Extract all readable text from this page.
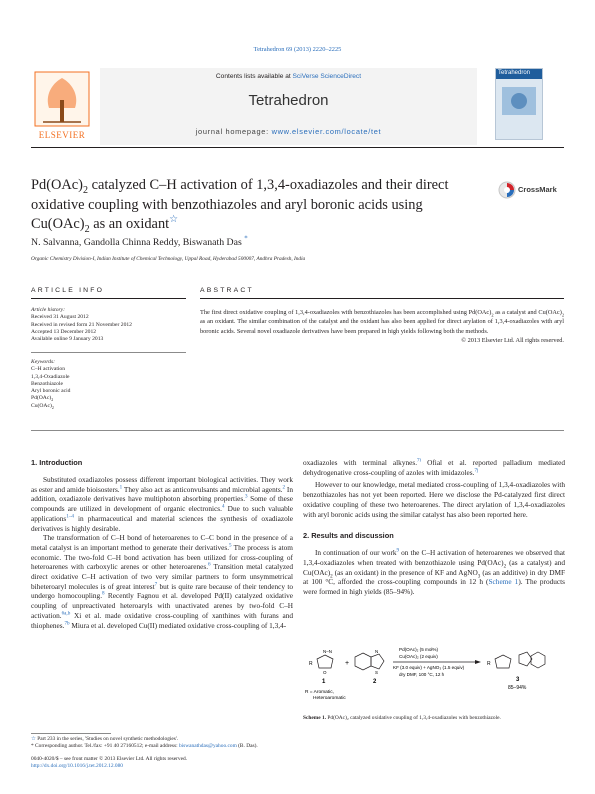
Tetrahedron 69 (2013) 2220–2225
ELSEVIER
Contents lists available at SciVerse ScienceDirect
Tetrahedron
journal homepage: www.elsevier.com/locate/tet
Tetrahedron
$Pd(OAc)_2$ catalyzed C–H activation of 1,3,4-oxadiazoles and their direct oxidative coupling with benzothiazoles and aryl boronic acids using $Cu(OAc)_2$ as an oxidant☆
CrossMark
N. Salvanna, Gandolla Chinna Reddy, Biswanath Das *
Organic Chemistry Division-I, Indian Institute of Chemical Technology, Uppal Road, Hyderabad 500007, Andhra Pradesh, India
ARTICLE INFO	ABSTRACT
Article history:
Received 31 August 2012
Received in revised form 21 November 2012
Accepted 13 December 2012
Available online 9 January 2013
Keywords:
C–H activation
1,3,4-Oxadiazole
Benzothiazole
Aryl boronic acid
$Pd(OAc)_2$
$Cu(OAc)_2$
The first direct oxidative coupling of 1,3,4-oxadiazoles with benzothiazoles has been accomplished using $Pd(OAc)_2$ as a catalyst and $Cu(OAc)_2$ as an oxidant. The similar combination of the catalyst and the oxidant has also been applied for direct arylation of 1,3,4-oxadiazoles with aryl boronic acids. Several novel oxadiazole derivatives have been prepared in high yields following both the methods.
© 2013 Elsevier Ltd. All rights reserved.
1. Introduction
Substituted oxadiazoles possess different important biological activities. They work as ester and amide bioisosters.$^1$ They also act as anticonvulsants and microbial agents.$^2$ In addition, oxadiazole derivatives have multiphoton absorbing properties.$^3$ Some of these compounds are utilized in development of organic electronics.$^4$ Due to such valuable applications$^{1-4}$ in pharmaceutical and material sciences the synthesis of oxadiazole derivatives is highly desirable.
The transformation of C–H bond of heteroarenes to C–C bond in the presence of a metal catalyst is an important method to generate their derivatives.$^5$ The process is atom economic. The two-fold C–H bond activation has been utilized for cross-coupling of heteroarenes with carboxylic arenes or other heteroarenes.$^6$ Transition metal catalyzed direct oxidative C–H activation of two very similar partners to form unsymmetrical biheteroaryl molecules is of great interest$^7$ but is quite rare because of their tendency to undergo homocoupling.$^8$ Recently Fagnou et al. developed Pd(II) catalyzed oxidative coupling of unpreactivated heteroaryls with unactivated arenes by two-fold C–H activation.$^{6a,b}$ Xi et al. made oxidative cross-coupling of xanthines with furans and thiophenes.$^{7b}$ Miura et al. developed Cu(II) mediated oxidative cross-coupling of 1,3,4-
☆ Part 233 in the series, 'Studies on novel synthetic methodologies'.
* Corresponding author. Tel./fax: +91 40 27160512; e-mail address: biswanathdas@yahoo.com (B. Das).
0040-4020/$ – see front matter © 2013 Elsevier Ltd. All rights reserved.
http://dx.doi.org/10.1016/j.tet.2012.12.080
oxadiazoles with terminal alkynes.$^{7i}$ Ofial et al. reported palladium mediated dehydrogenative cross-coupling of azoles with imidazoles.$^{7j}$
However to our knowledge, metal mediated cross-coupling of 1,3,4-oxadiazoles with benzothiazoles has not yet been reported. Here we disclose the Pd-catalyzed first direct oxidative coupling of these two heteroarenes. The direct arylation of 1,3,4-oxadiazoles with aryl boronic acids using the similar catalyst has also been reported here.
2. Results and discussion
In continuation of our work$^9$ on the C–H activation of heteroarenes we observed that 1,3,4-oxadiazoles when treated with benzothiazole using $Pd(OAc)_2$ (as a catalyst) and $Cu(OAc)_2$ (as an oxidant) in the presence of KF and AgNO$_3$ (as an additive) in dry DMF at 100 °C, afforded the cross-coupling compounds in 12 h (Scheme 1). The products were formed in high yields (85–94%).
R
N–N
O
1
+
N
S
2
Pd(OAc)₂ (5 mol%)
Cu(OAc)₂ (2 equiv)
KF (3.0 equiv) + AgNO₃ (1.5 equiv)
dry DMF, 100 °C, 12 h
R
3
85–94%
R = Aromatic,
Heteroaromatic
Scheme 1. Pd(OAc)₂ catalyzed oxidative coupling of 1,3,4-oxadiazoles with benzothiazole.
